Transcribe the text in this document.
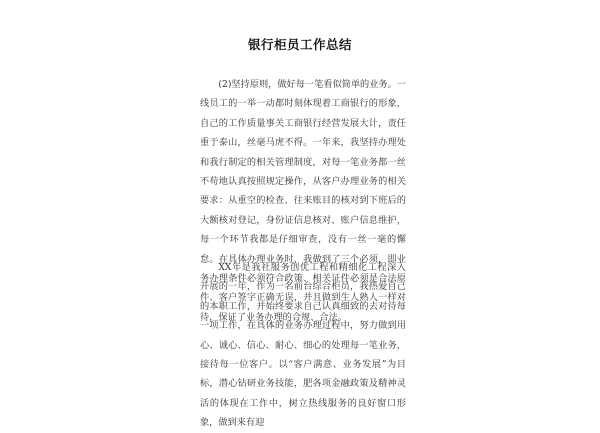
银行柜员工作总结

(2)坚持原则，做好每一笔看似简单的业务。一线员工的一举一动都时刻体现着工商银行的形象，自己的工作质量事关工商银行经营发展大计，责任重于泰山，丝毫马虎不得。一年来，我坚持办理处和我行制定的相关管理制度，对每一笔业务都一丝不苟地认真按照规定操作，从客户办理业务的相关要求：从重空的检查、往来账目的核对到下班后的大额核对登记，身份证信息核对、账户信息维护，每一个环节我都是仔细审查，没有一丝一毫的懈怠。在具体办理业务时，我做到了三个必须，即业务办理条件必须符合政策、相关证件必须是合法原件、客户签字正确无误，并且做到生人熟人一样对待，保证了业务办理的合规、合法。

XX年是我社服务创优工程和精细化工程深入开展的一年，作为一名前台综合柜员，我热爱自己的本职工作，并始终要求自己认真细致的去对待每一项工作，在具体的业务办理过程中，努力做到用心、诚心、信心、耐心、细心的处理每一笔业务，接待每一位客户。以“客户满意、业务发展”为目标，潜心钻研业务技能，肥各项金融政策及精神灵活的体现在工作中，树立热线服务的良好窗口形象，做到来有迎
